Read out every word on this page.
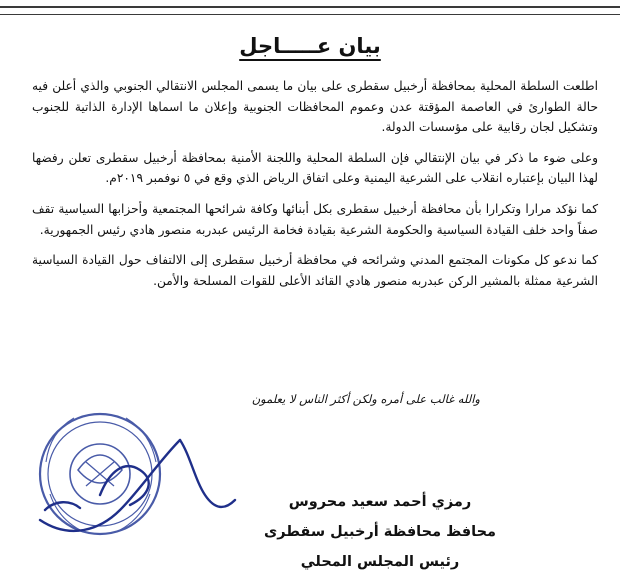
بيان عـــــاجل

اطلعت السلطة المحلية بمحافظة أرخبيل سقطرى على بيان ما يسمى المجلس الانتقالي الجنوبي والذي أعلن فيه حالة الطوارئ في العاصمة المؤقتة عدن وعموم المحافظات الجنوبية وإعلان ما اسماها الإدارة الذاتية للجنوب وتشكيل لجان رقابية على مؤسسات الدولة.

وعلى ضوء ما ذكر في بيان الإنتقالي فإن السلطة المحلية واللجنة الأمنية بمحافظة أرخبيل سقطرى تعلن رفضها لهذا البيان بإعتباره انقلاب على الشرعية اليمنية وعلى اتفاق الرياض الذي وقع في ٥ نوفمبر ٢٠١٩م.

كما نؤكد مرارا وتكرارا بأن محافظة أرخبيل سقطرى بكل أبنائها وكافة شرائحها المجتمعية وأحزابها السياسية تقف صفاً واحد خلف القيادة السياسية والحكومة الشرعية بقيادة فخامة الرئيس عبدربه منصور هادي رئيس الجمهورية.

كما ندعو كل مكونات المجتمع المدني وشرائحه في محافظة أرخبيل سقطرى إلى الالتفاف حول القيادة السياسية الشرعية ممثلة بالمشير الركن عبدربه منصور هادي القائد الأعلى للقوات المسلحة والأمن.

والله غالب على أمره ولكن أكثر الناس لا يعلمون
رمزي أحمد سعيد محروس
محافظ محافظة أرخبيل سقطرى
رئيس المجلس المحلي
